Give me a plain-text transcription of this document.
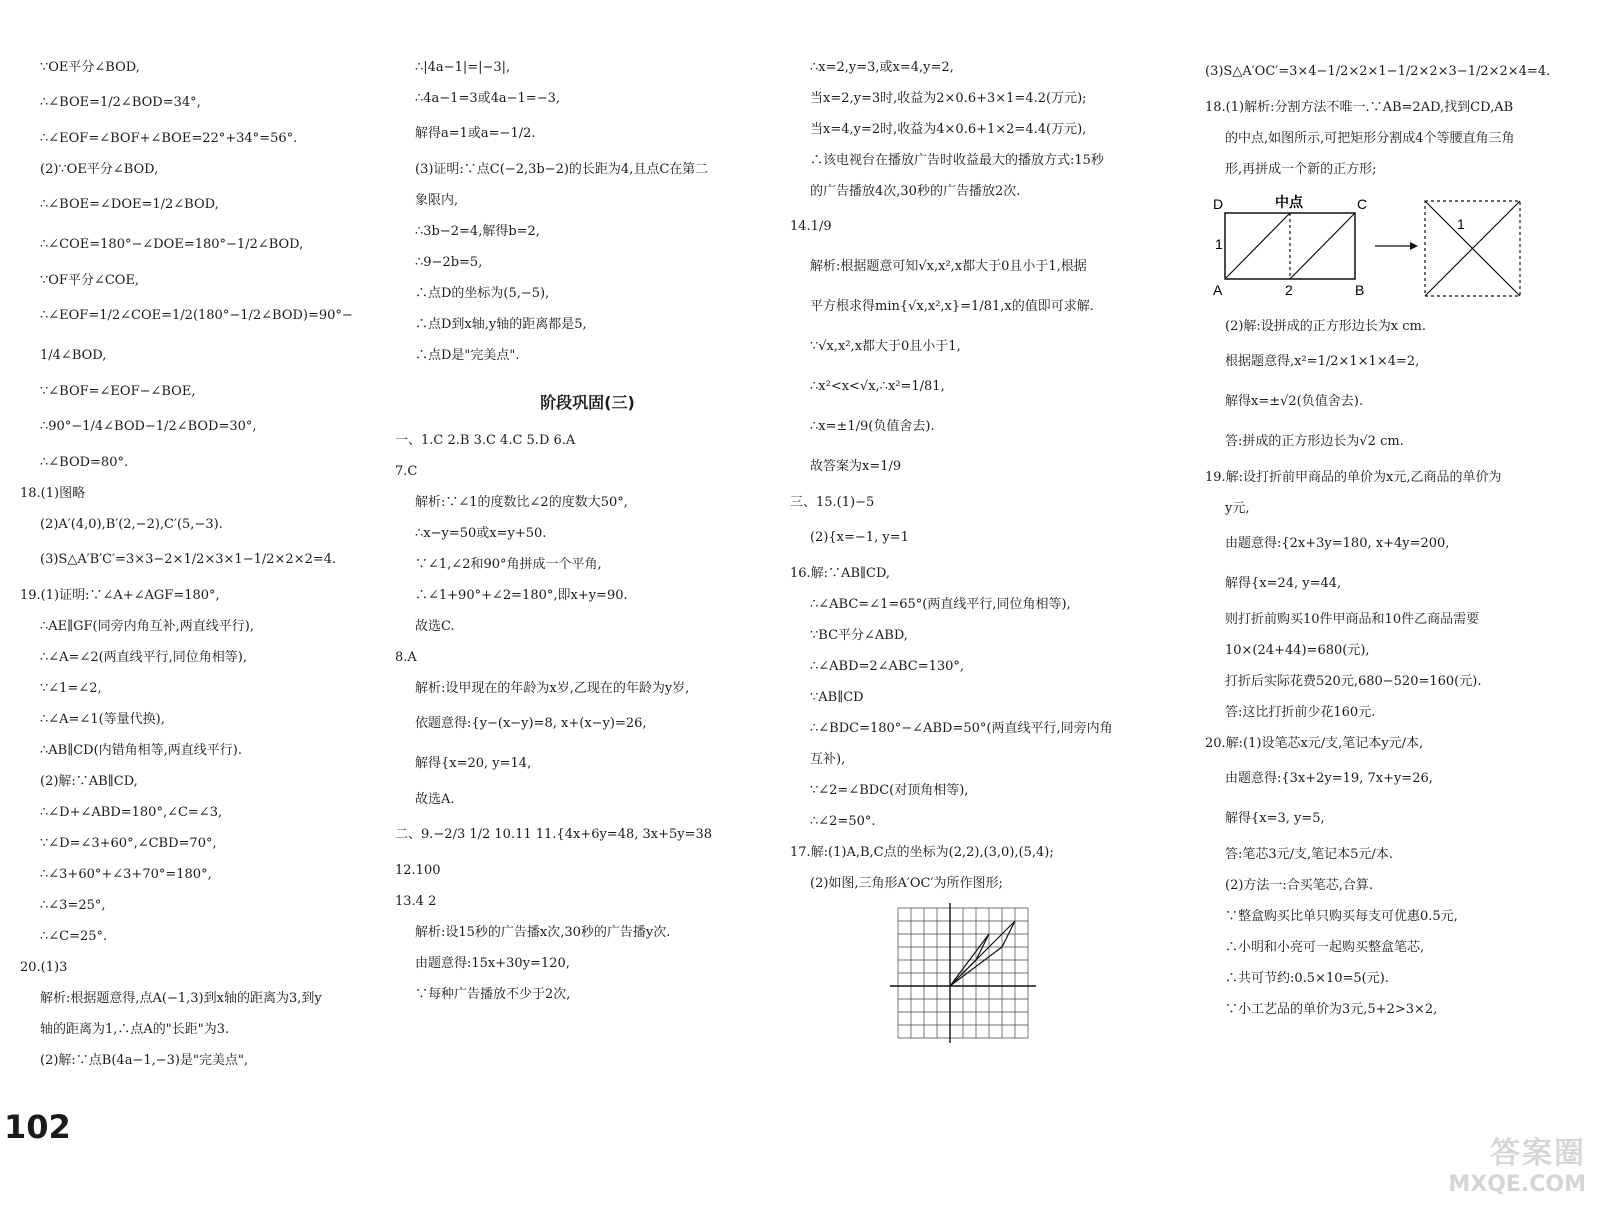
∵OE平分∠BOD,
∴∠BOE=1/2∠BOD=34°,
∴∠EOF=∠BOF+∠BOE=22°+34°=56°.
(2)∵OE平分∠BOD,
∴∠BOE=∠DOE=1/2∠BOD,
∴∠COE=180°−∠DOE=180°−1/2∠BOD,
∵OF平分∠COE,
∴∠EOF=1/2∠COE=1/2(180°−1/2∠BOD)=90°−
1/4∠BOD,
∵∠BOF=∠EOF−∠BOE,
∴90°−1/4∠BOD−1/2∠BOD=30°,
∴∠BOD=80°.
18.(1)图略
(2)A′(4,0),B′(2,−2),C′(5,−3).
(3)S△A′B′C′=3×3−2×1/2×3×1−1/2×2×2=4.
19.(1)证明:∵∠A+∠AGF=180°,
∴AE∥GF(同旁内角互补,两直线平行),
∴∠A=∠2(两直线平行,同位角相等),
∵∠1=∠2,
∴∠A=∠1(等量代换),
∴AB∥CD(内错角相等,两直线平行).
(2)解:∵AB∥CD,
∴∠D+∠ABD=180°,∠C=∠3,
∵∠D=∠3+60°,∠CBD=70°,
∴∠3+60°+∠3+70°=180°,
∴∠3=25°,
∴∠C=25°.
20.(1)3
解析:根据题意得,点A(−1,3)到x轴的距离为3,到y
轴的距离为1,∴点A的"长距"为3.
(2)解:∵点B(4a−1,−3)是"完美点",
∴|4a−1|=|−3|,
∴4a−1=3或4a−1=−3,
解得a=1或a=−1/2.
(3)证明:∵点C(−2,3b−2)的长距为4,且点C在第二
象限内,
∴3b−2=4,解得b=2,
∴9−2b=5,
∴点D的坐标为(5,−5),
∴点D到x轴,y轴的距离都是5,
∴点D是"完美点".
阶段巩固(三)
一、1.C 2.B 3.C 4.C 5.D 6.A
7.C
解析:∵∠1的度数比∠2的度数大50°,
∴x−y=50或x=y+50.
∵∠1,∠2和90°角拼成一个平角,
∴∠1+90°+∠2=180°,即x+y=90.
故选C.
8.A
解析:设甲现在的年龄为x岁,乙现在的年龄为y岁,
依题意得:{y−(x−y)=8, x+(x−y)=26,
解得{x=20, y=14,
故选A.
二、9.−2/3 1/2 10.11 11.{4x+6y=48, 3x+5y=38
12.100
13.4 2
解析:设15秒的广告播x次,30秒的广告播y次.
由题意得:15x+30y=120,
∵每种广告播放不少于2次,
∴x=2,y=3,或x=4,y=2,
当x=2,y=3时,收益为2×0.6+3×1=4.2(万元);
当x=4,y=2时,收益为4×0.6+1×2=4.4(万元),
∴该电视台在播放广告时收益最大的播放方式:15秒
的广告播放4次,30秒的广告播放2次.
14.1/9
解析:根据题意可知√x,x²,x都大于0且小于1,根据
平方根求得min{√x,x²,x}=1/81,x的值即可求解.
∵√x,x²,x都大于0且小于1,
∴x²<x<√x,∴x²=1/81,
∴x=±1/9(负值舍去).
故答案为x=1/9
三、15.(1)−5
(2){x=−1, y=1
16.解:∵AB∥CD,
∴∠ABC=∠1=65°(两直线平行,同位角相等),
∵BC平分∠ABD,
∴∠ABD=2∠ABC=130°,
∵AB∥CD
∴∠BDC=180°−∠ABD=50°(两直线平行,同旁内角
互补),
∵∠2=∠BDC(对顶角相等),
∴∠2=50°.
17.解:(1)A,B,C点的坐标为(2,2),(3,0),(5,4);
(2)如图,三角形A′OC′为所作图形;
(3)S△A′OC′=3×4−1/2×2×1−1/2×2×3−1/2×2×4=4.
18.(1)解析:分割方法不唯一.∵AB=2AD,找到CD,AB
的中点,如图所示,可把矩形分割成4个等腰直角三角
形,再拼成一个新的正方形;
D	中点	C
1
A	2	B
1
(2)解:设拼成的正方形边长为x cm.
根据题意得,x²=1/2×1×1×4=2,
解得x=±√2(负值舍去).
答:拼成的正方形边长为√2 cm.
19.解:设打折前甲商品的单价为x元,乙商品的单价为
y元,
由题意得:{2x+3y=180, x+4y=200,
解得{x=24, y=44,
则打折前购买10件甲商品和10件乙商品需要
10×(24+44)=680(元),
打折后实际花费520元,680−520=160(元).
答:这比打折前少花160元.
20.解:(1)设笔芯x元/支,笔记本y元/本,
由题意得:{3x+2y=19, 7x+y=26,
解得{x=3, y=5,
答:笔芯3元/支,笔记本5元/本.
(2)方法一:合买笔芯,合算.
∵整盒购买比单只购买每支可优惠0.5元,
∴小明和小亮可一起购买整盒笔芯,
∴共可节约:0.5×10=5(元).
∵小工艺品的单价为3元,5+2>3×2,
102
答案圈
MXQE.COM
